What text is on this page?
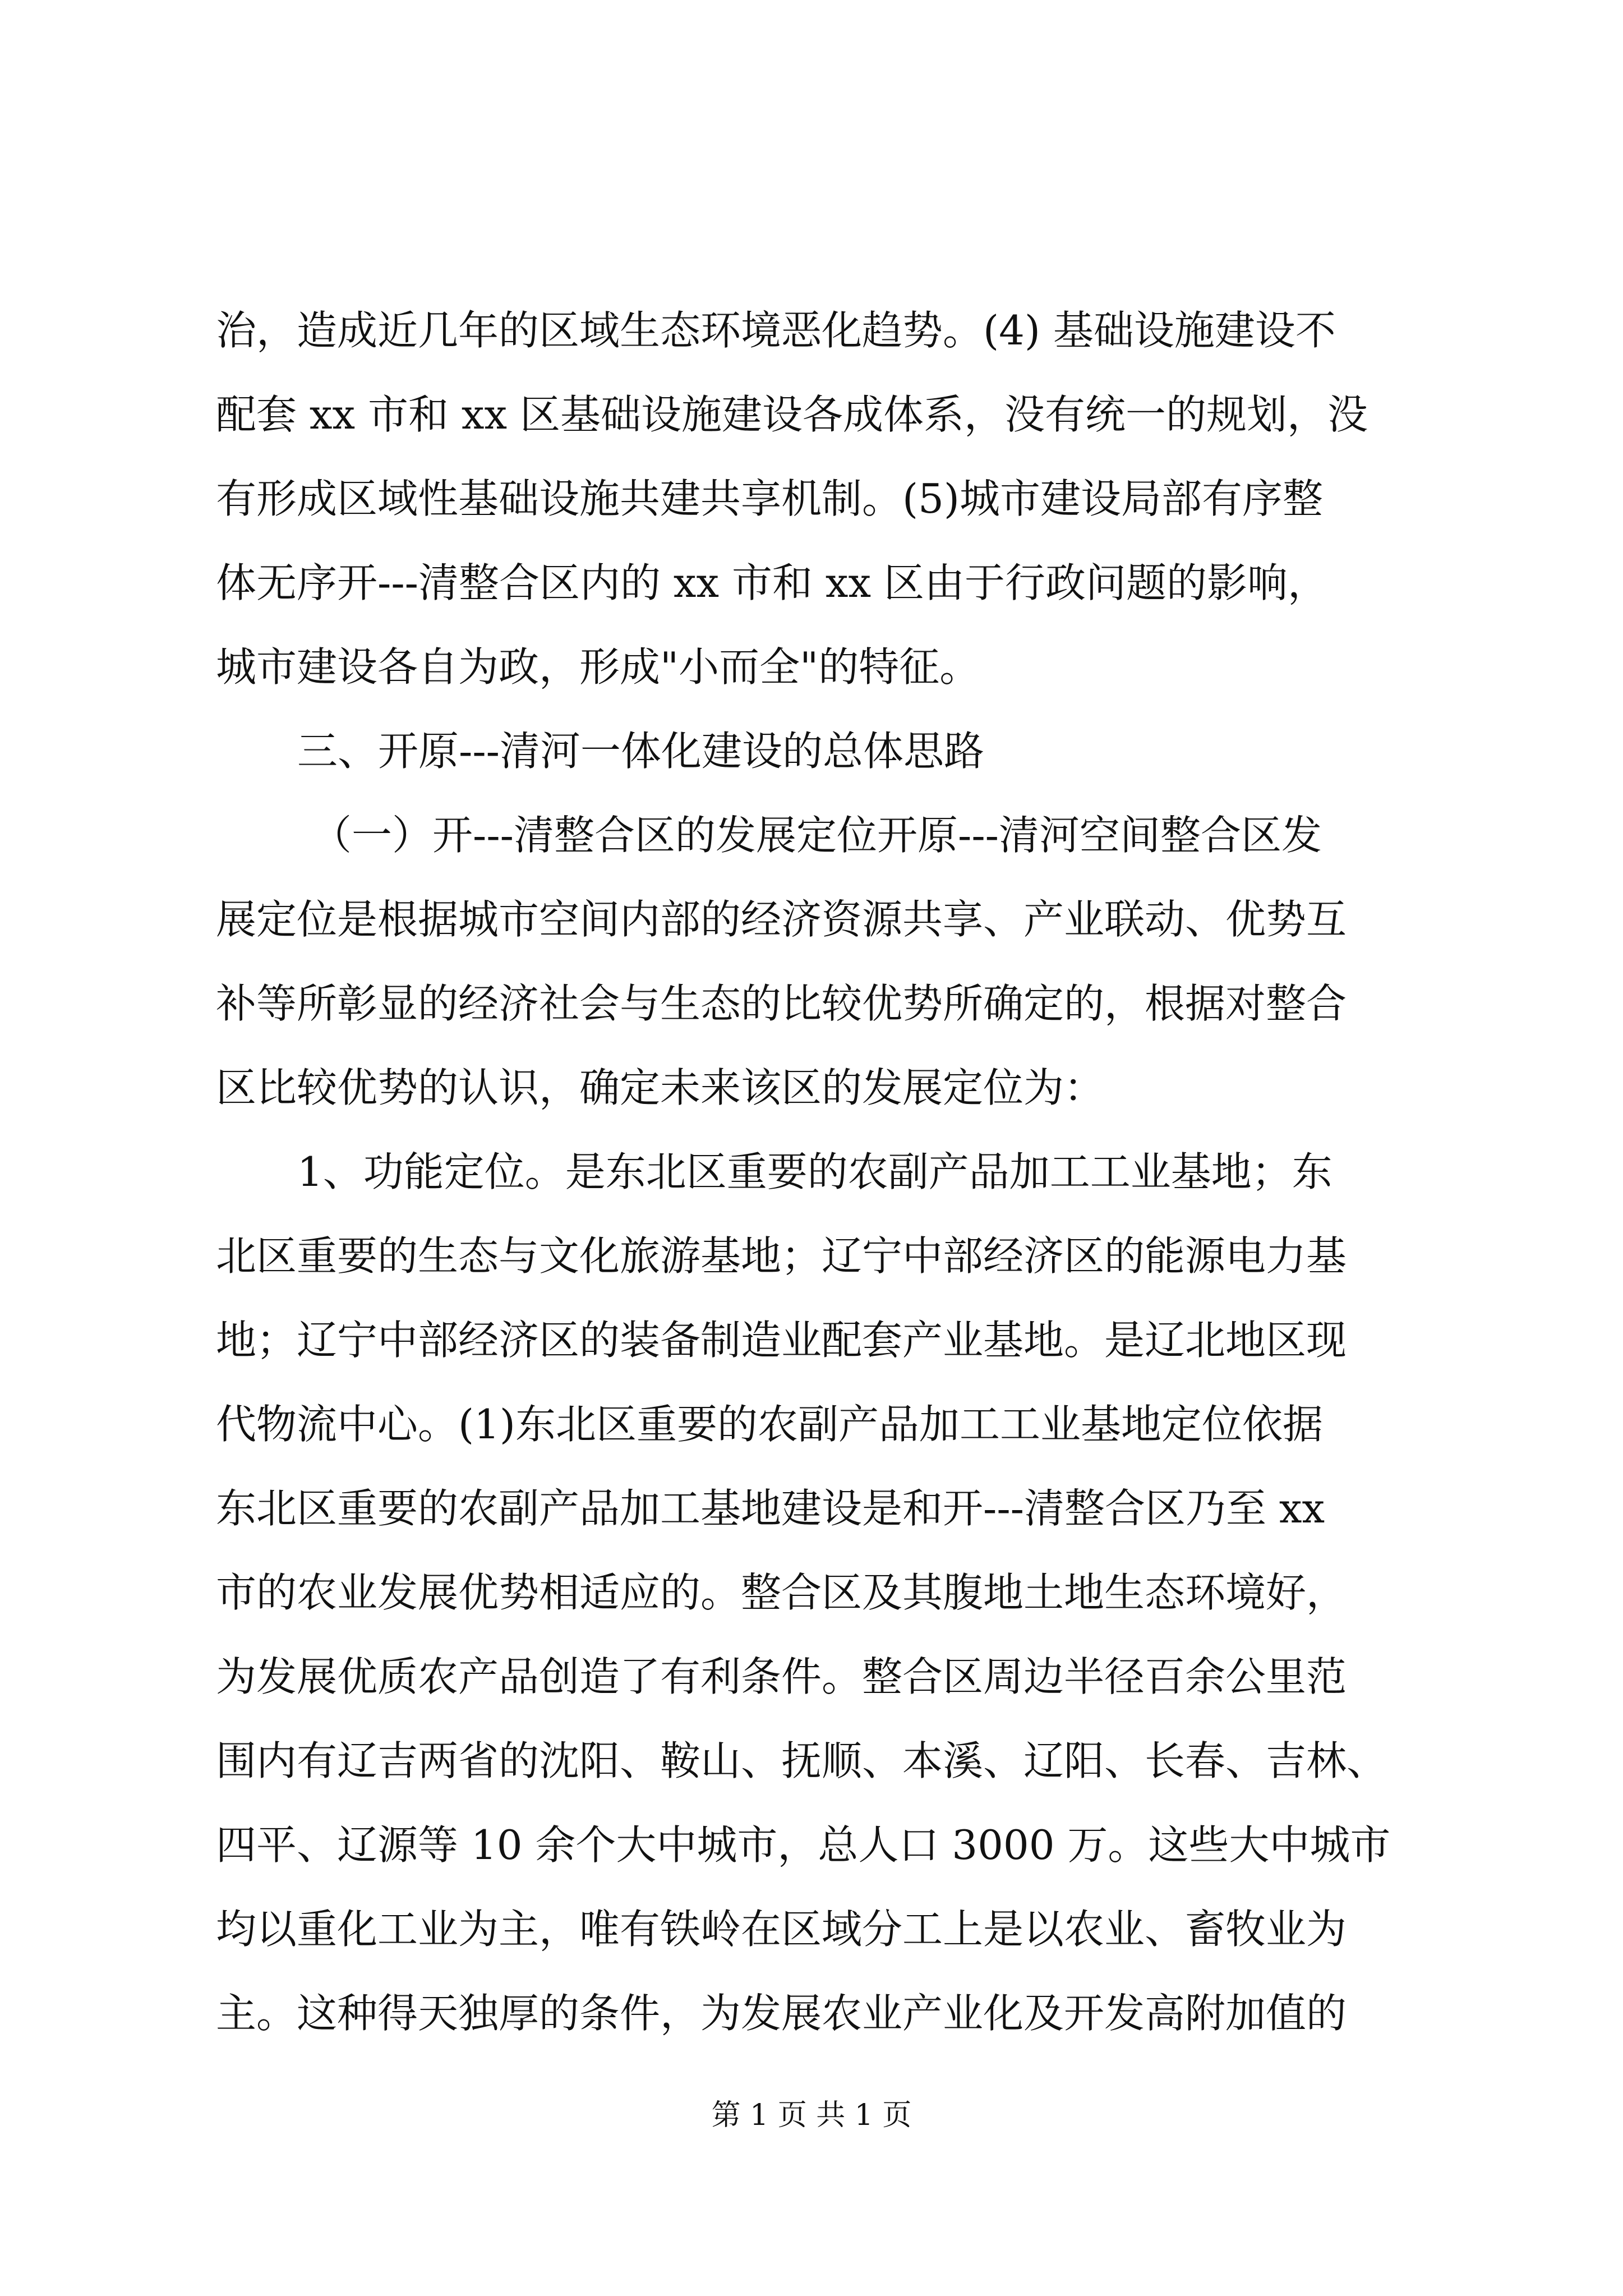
治，造成近几年的区域生态环境恶化趋势。(4) 基础设施建设不
配套 xx 市和 xx 区基础设施建设各成体系，没有统一的规划，没
有形成区域性基础设施共建共享机制。(5)城市建设局部有序整
体无序开---清整合区内的 xx 市和 xx 区由于行政问题的影响，
城市建设各自为政，形成"小而全"的特征。
三、开原---清河一体化建设的总体思路
（一）开---清整合区的发展定位开原---清河空间整合区发
展定位是根据城市空间内部的经济资源共享、产业联动、优势互
补等所彰显的经济社会与生态的比较优势所确定的，根据对整合
区比较优势的认识，确定未来该区的发展定位为：
1、功能定位。是东北区重要的农副产品加工工业基地；东
北区重要的生态与文化旅游基地；辽宁中部经济区的能源电力基
地；辽宁中部经济区的装备制造业配套产业基地。是辽北地区现
代物流中心。(1)东北区重要的农副产品加工工业基地定位依据
东北区重要的农副产品加工基地建设是和开---清整合区乃至 xx
市的农业发展优势相适应的。整合区及其腹地土地生态环境好，
为发展优质农产品创造了有利条件。整合区周边半径百余公里范
围内有辽吉两省的沈阳、鞍山、抚顺、本溪、辽阳、长春、吉林、
四平、辽源等 10 余个大中城市，总人口 3000 万。这些大中城市
均以重化工业为主，唯有铁岭在区域分工上是以农业、畜牧业为
主。这种得天独厚的条件，为发展农业产业化及开发高附加值的
第 1 页 共 1 页
